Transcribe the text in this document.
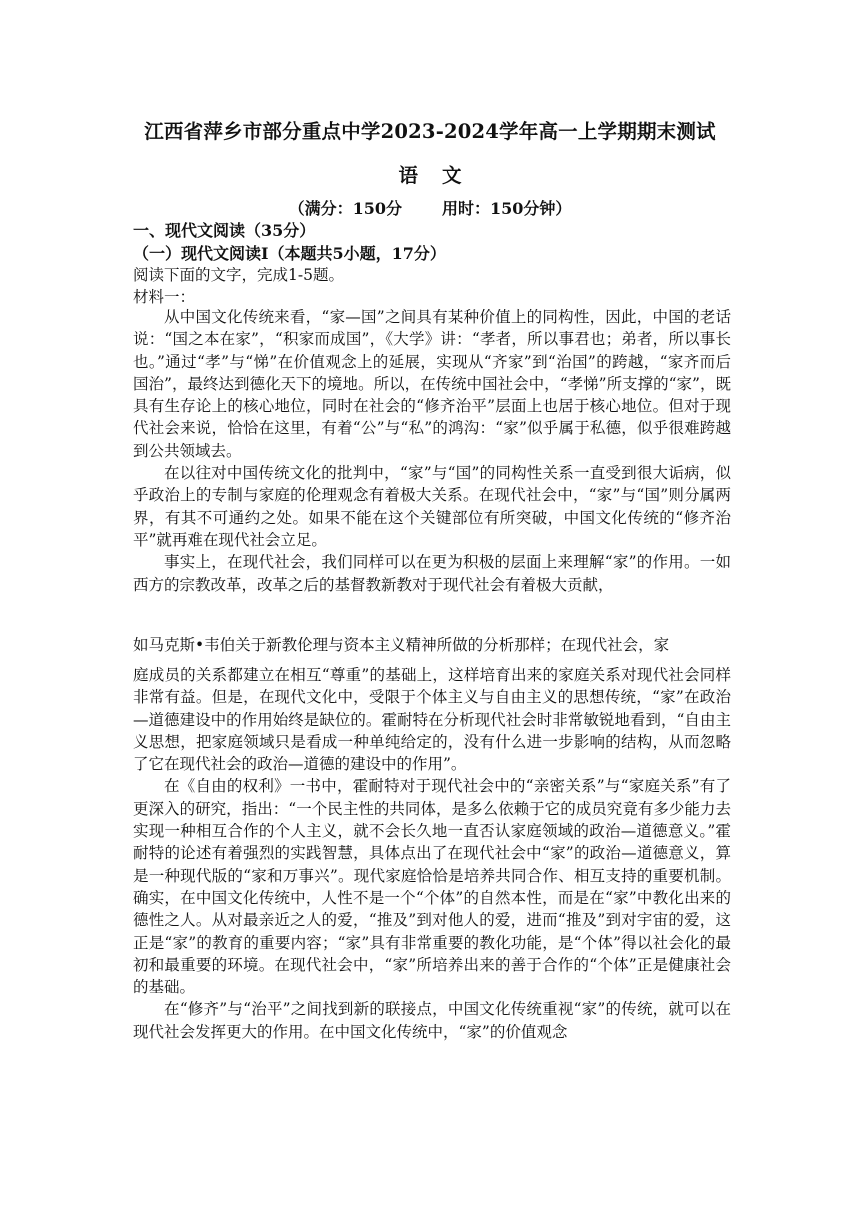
江西省萍乡市部分重点中学2023-2024学年高一上学期期末测试
语文
（满分：150分	用时：150分钟）
一、现代文阅读（35分）
（一）现代文阅读Ⅰ（本题共5小题，17分）
阅读下面的文字，完成1-5题。
材料一：

从中国文化传统来看，“家—国”之间具有某种价值上的同构性，因此，中国的老话说：“国之本在家”，“积家而成国”，《大学》讲：“孝者，所以事君也；弟者，所以事长也。”通过“孝”与“悌”在价值观念上的延展，实现从“齐家”到“治国”的跨越，“家齐而后国治”，最终达到德化天下的境地。所以，在传统中国社会中，“孝悌”所支撑的“家”，既具有生存论上的核心地位，同时在社会的“修齐治平”层面上也居于核心地位。但对于现代社会来说，恰恰在这里，有着“公”与“私”的鸿沟：“家”似乎属于私德，似乎很难跨越到公共领域去。

在以往对中国传统文化的批判中，“家”与“国”的同构性关系一直受到很大诟病，似乎政治上的专制与家庭的伦理观念有着极大关系。在现代社会中，“家”与“国”则分属两界，有其不可通约之处。如果不能在这个关键部位有所突破，中国文化传统的“修齐治平”就再难在现代社会立足。

事实上，在现代社会，我们同样可以在更为积极的层面上来理解“家”的作用。一如西方的宗教改革，改革之后的基督教新教对于现代社会有着极大贡献，

如马克斯•韦伯关于新教伦理与资本主义精神所做的分析那样；在现代社会，家

庭成员的关系都建立在相互“尊重”的基础上，这样培育出来的家庭关系对现代社会同样非常有益。但是，在现代文化中，受限于个体主义与自由主义的思想传统，“家”在政治—道德建设中的作用始终是缺位的。霍耐特在分析现代社会时非常敏锐地看到，“自由主义思想，把家庭领域只是看成一种单纯给定的，没有什么进一步影响的结构，从而忽略了它在现代社会的政治—道德的建设中的作用”。

在《自由的权利》一书中，霍耐特对于现代社会中的“亲密关系”与“家庭关系”有了更深入的研究，指出：“一个民主性的共同体，是多么依赖于它的成员究竟有多少能力去实现一种相互合作的个人主义，就不会长久地一直否认家庭领域的政治—道德意义。”霍耐特的论述有着强烈的实践智慧，具体点出了在现代社会中“家”的政治—道德意义，算是一种现代版的“家和万事兴”。现代家庭恰恰是培养共同合作、相互支持的重要机制。确实，在中国文化传统中，人性不是一个“个体”的自然本性，而是在“家”中教化出来的德性之人。从对最亲近之人的爱，“推及”到对他人的爱，进而“推及”到对宇宙的爱，这正是“家”的教育的重要内容；“家”具有非常重要的教化功能，是“个体”得以社会化的最初和最重要的环境。在现代社会中，“家”所培养出来的善于合作的“个体”正是健康社会的基础。

在“修齐”与“治平”之间找到新的联接点，中国文化传统重视“家”的传统，就可以在现代社会发挥更大的作用。在中国文化传统中，“家”的价值观念
